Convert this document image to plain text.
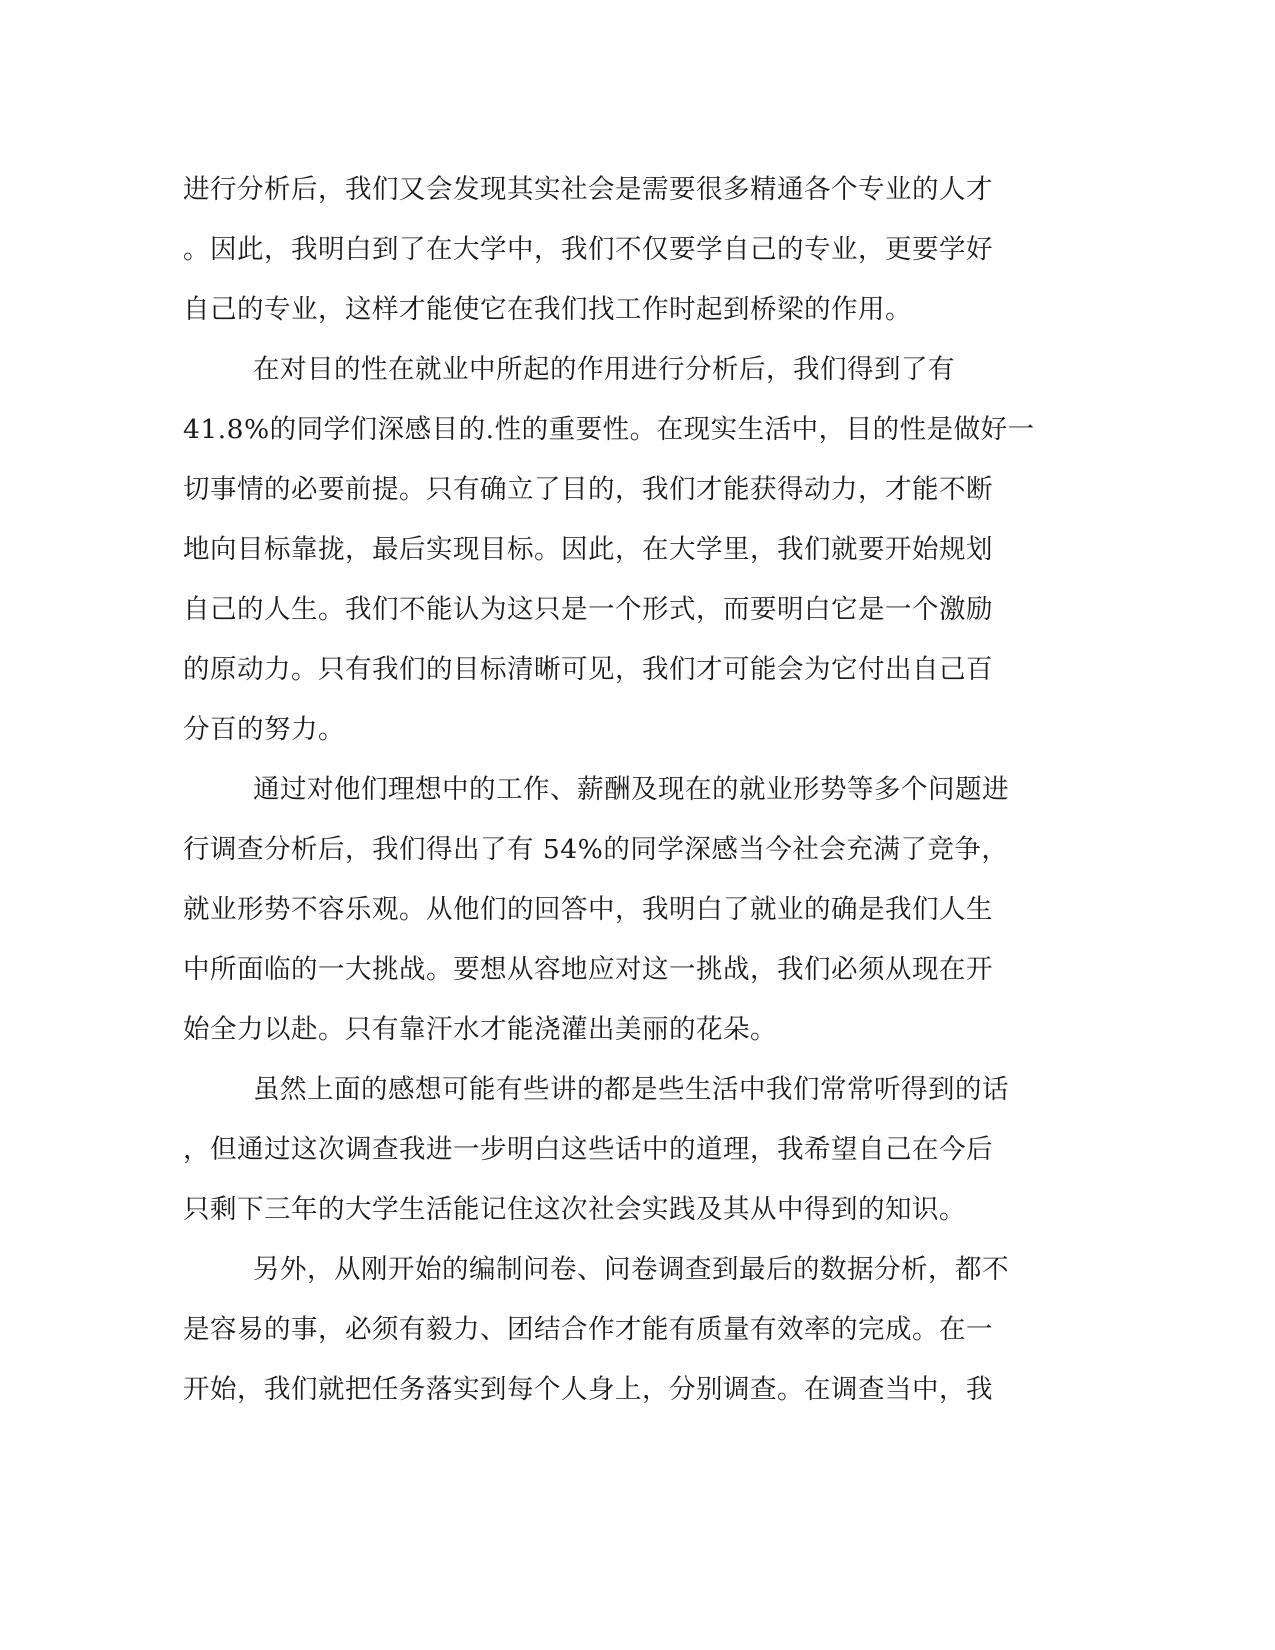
进行分析后，我们又会发现其实社会是需要很多精通各个专业的人才
。因此，我明白到了在大学中，我们不仅要学自己的专业，更要学好
自己的专业，这样才能使它在我们找工作时起到桥梁的作用。
在对目的性在就业中所起的作用进行分析后，我们得到了有
41.8%的同学们深感目的.性的重要性。在现实生活中，目的性是做好一
切事情的必要前提。只有确立了目的，我们才能获得动力，才能不断
地向目标靠拢，最后实现目标。因此，在大学里，我们就要开始规划
自己的人生。我们不能认为这只是一个形式，而要明白它是一个激励
的原动力。只有我们的目标清晰可见，我们才可能会为它付出自己百
分百的努力。
通过对他们理想中的工作、薪酬及现在的就业形势等多个问题进
行调查分析后，我们得出了有 54%的同学深感当今社会充满了竞争，
就业形势不容乐观。从他们的回答中，我明白了就业的确是我们人生
中所面临的一大挑战。要想从容地应对这一挑战，我们必须从现在开
始全力以赴。只有靠汗水才能浇灌出美丽的花朵。
虽然上面的感想可能有些讲的都是些生活中我们常常听得到的话
，但通过这次调查我进一步明白这些话中的道理，我希望自己在今后
只剩下三年的大学生活能记住这次社会实践及其从中得到的知识。
另外，从刚开始的编制问卷、问卷调查到最后的数据分析，都不
是容易的事，必须有毅力、团结合作才能有质量有效率的完成。在一
开始，我们就把任务落实到每个人身上，分别调查。在调查当中，我
